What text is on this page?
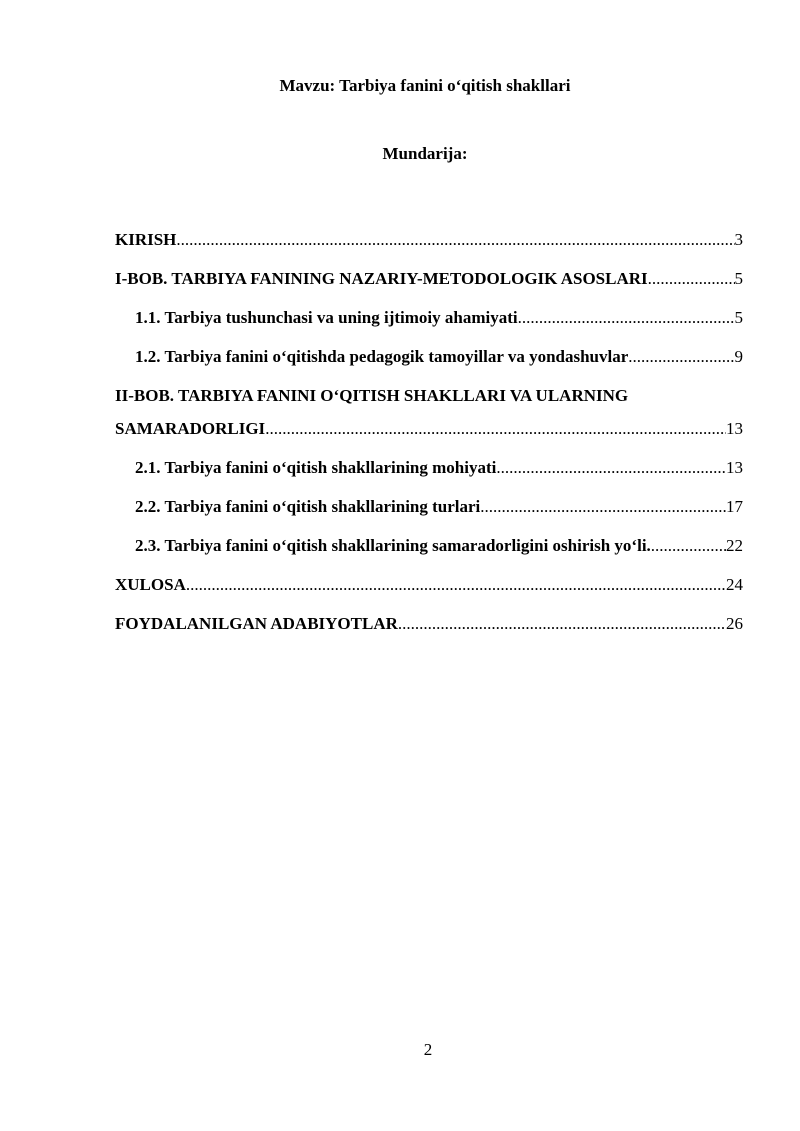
Mavzu: Tarbiya fanini o‘qitish shakllari
Mundarija:
KIRISH .....	3
I-BOB. TARBIYA FANINING NAZARIY-METODOLOGIK ASOSLARI .....	5
1.1. Tarbiya tushunchasi va uning ijtimoiy ahamiyati .....	5
1.2. Tarbiya fanini o‘qitishda pedagogik tamoyillar va yondashuvlar .....	9
II-BOB. TARBIYA FANINI O‘QITISH SHAKLLARI VA ULARNING
SAMARADORLIGI .....	13
2.1. Tarbiya fanini o‘qitish shakllarining mohiyati .....	13
2.2. Tarbiya fanini o‘qitish shakllarining turlari .....	17
2.3. Tarbiya fanini o‘qitish shakllarining samaradorligini oshirish yo‘li. .....	22
XULOSA .....	24
FOYDALANILGAN ADABIYOTLAR .....	26
2
